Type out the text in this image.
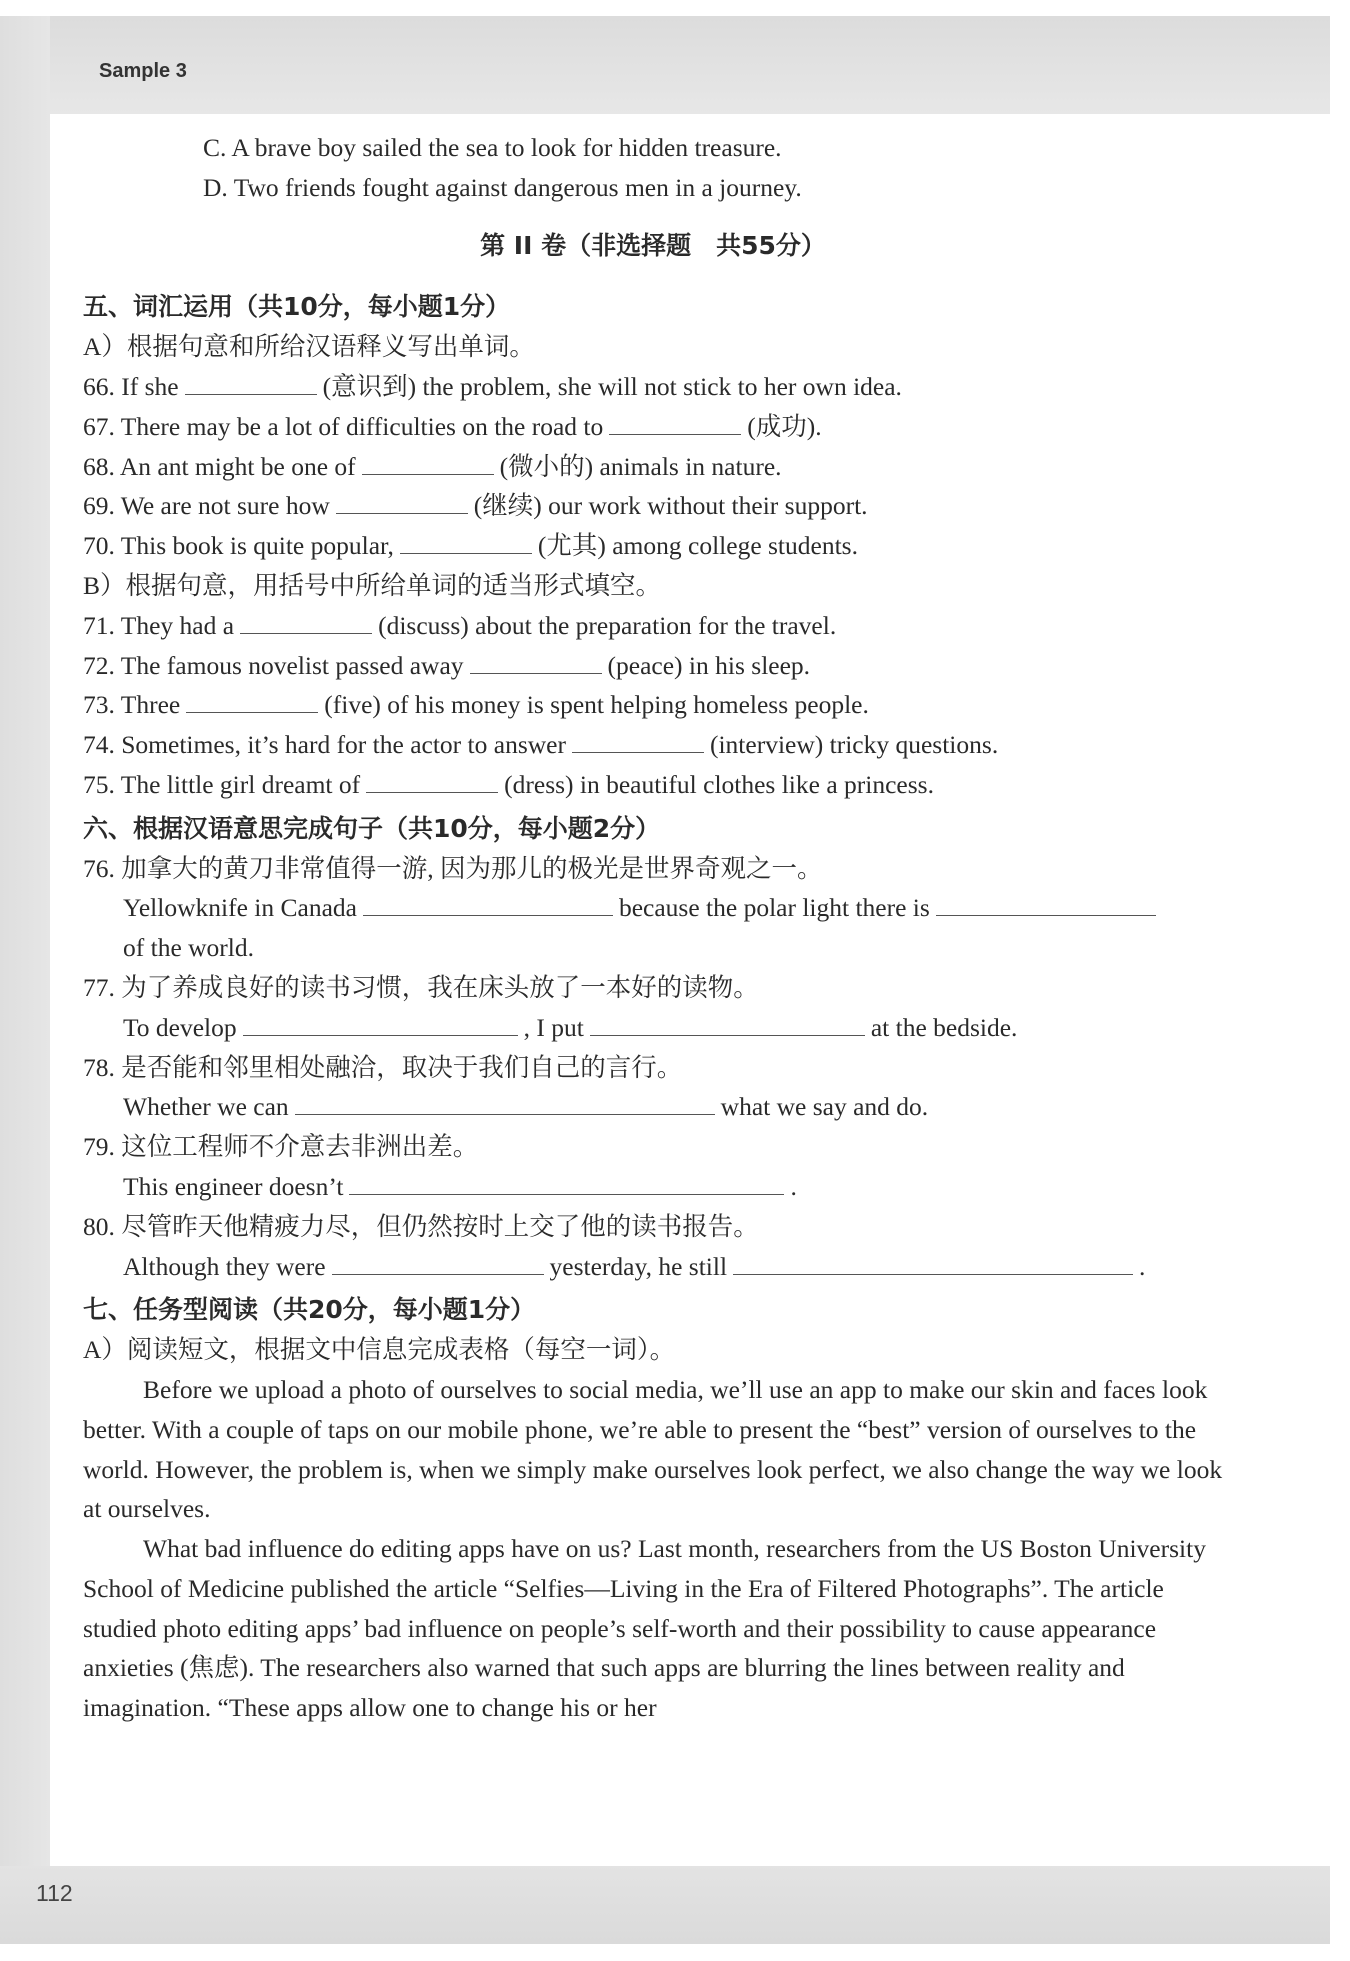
Sample 3
112
C. A brave boy sailed the sea to look for hidden treasure.
D. Two friends fought against dangerous men in a journey.
第 II 卷（非选择题　共55分）
五、词汇运用（共10分，每小题1分）
A）根据句意和所给汉语释义写出单词。
66. If she	(意识到) the problem, she will not stick to her own idea.
67. There may be a lot of difficulties on the road to	(成功).
68. An ant might be one of	(微小的) animals in nature.
69. We are not sure how	(继续) our work without their support.
70. This book is quite popular,	(尤其) among college students.
B）根据句意，用括号中所给单词的适当形式填空。
71. They had a	(discuss) about the preparation for the travel.
72. The famous novelist passed away	(peace) in his sleep.
73. Three	(five) of his money is spent helping homeless people.
74. Sometimes, it’s hard for the actor to answer	(interview) tricky questions.
75. The little girl dreamt of	(dress) in beautiful clothes like a princess.
六、根据汉语意思完成句子（共10分，每小题2分）
76. 加拿大的黄刀非常值得一游, 因为那儿的极光是世界奇观之一。
Yellowknife in Canada	because the polar light there is
of the world.
77. 为了养成良好的读书习惯，我在床头放了一本好的读物。
To develop	, I put	at the bedside.
78. 是否能和邻里相处融洽，取决于我们自己的言行。
Whether we can	what we say and do.
79. 这位工程师不介意去非洲出差。
This engineer doesn’t	.
80. 尽管昨天他精疲力尽，但仍然按时上交了他的读书报告。
Although they were	yesterday, he still	.
七、任务型阅读（共20分，每小题1分）
A）阅读短文，根据文中信息完成表格（每空一词）。
Before we upload a photo of ourselves to social media, we’ll use an app to make our skin and faces look better. With a couple of taps on our mobile phone, we’re able to present the “best” version of ourselves to the world. However, the problem is, when we simply make ourselves look perfect, we also change the way we look at ourselves.
What bad influence do editing apps have on us? Last month, researchers from the US Boston University School of Medicine published the article “Selfies—Living in the Era of Filtered Photographs”. The article studied photo editing apps’ bad influence on people’s self-worth and their possibility to cause appearance anxieties (焦虑). The researchers also warned that such apps are blurring the lines between reality and imagination. “These apps allow one to change his or her
